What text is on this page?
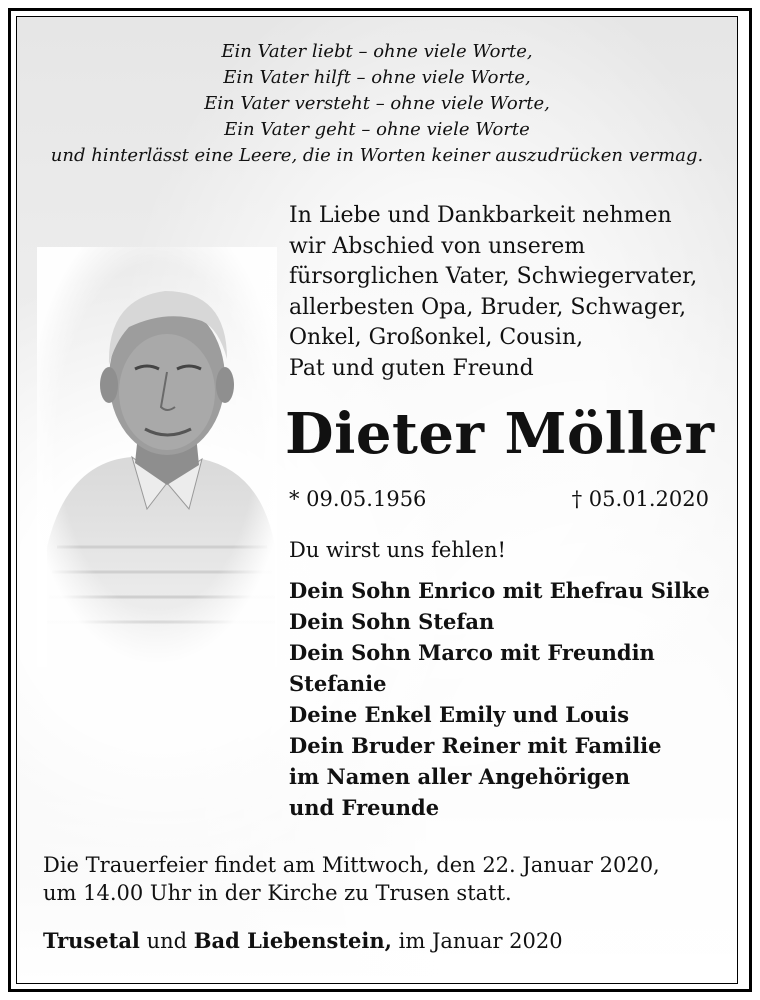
Ein Vater liebt – ohne viele Worte,
Ein Vater hilft – ohne viele Worte,
Ein Vater versteht – ohne viele Worte,
Ein Vater geht – ohne viele Worte
und hinterlässt eine Leere, die in Worten keiner auszudrücken vermag.
In Liebe und Dankbarkeit nehmen
wir Abschied von unserem
fürsorglichen Vater, Schwiegervater,
allerbesten Opa, Bruder, Schwager,
Onkel, Großonkel, Cousin,
Pat und guten Freund
Dieter Möller
* 09.05.1956	† 05.01.2020
Du wirst uns fehlen!
Dein Sohn Enrico mit Ehefrau Silke
Dein Sohn Stefan
Dein Sohn Marco mit Freundin
Stefanie
Deine Enkel Emily und Louis
Dein Bruder Reiner mit Familie
im Namen aller Angehörigen
und Freunde
Die Trauerfeier findet am Mittwoch, den 22. Januar 2020,
um 14.00 Uhr in der Kirche zu Trusen statt.
Trusetal und Bad Liebenstein, im Januar 2020
